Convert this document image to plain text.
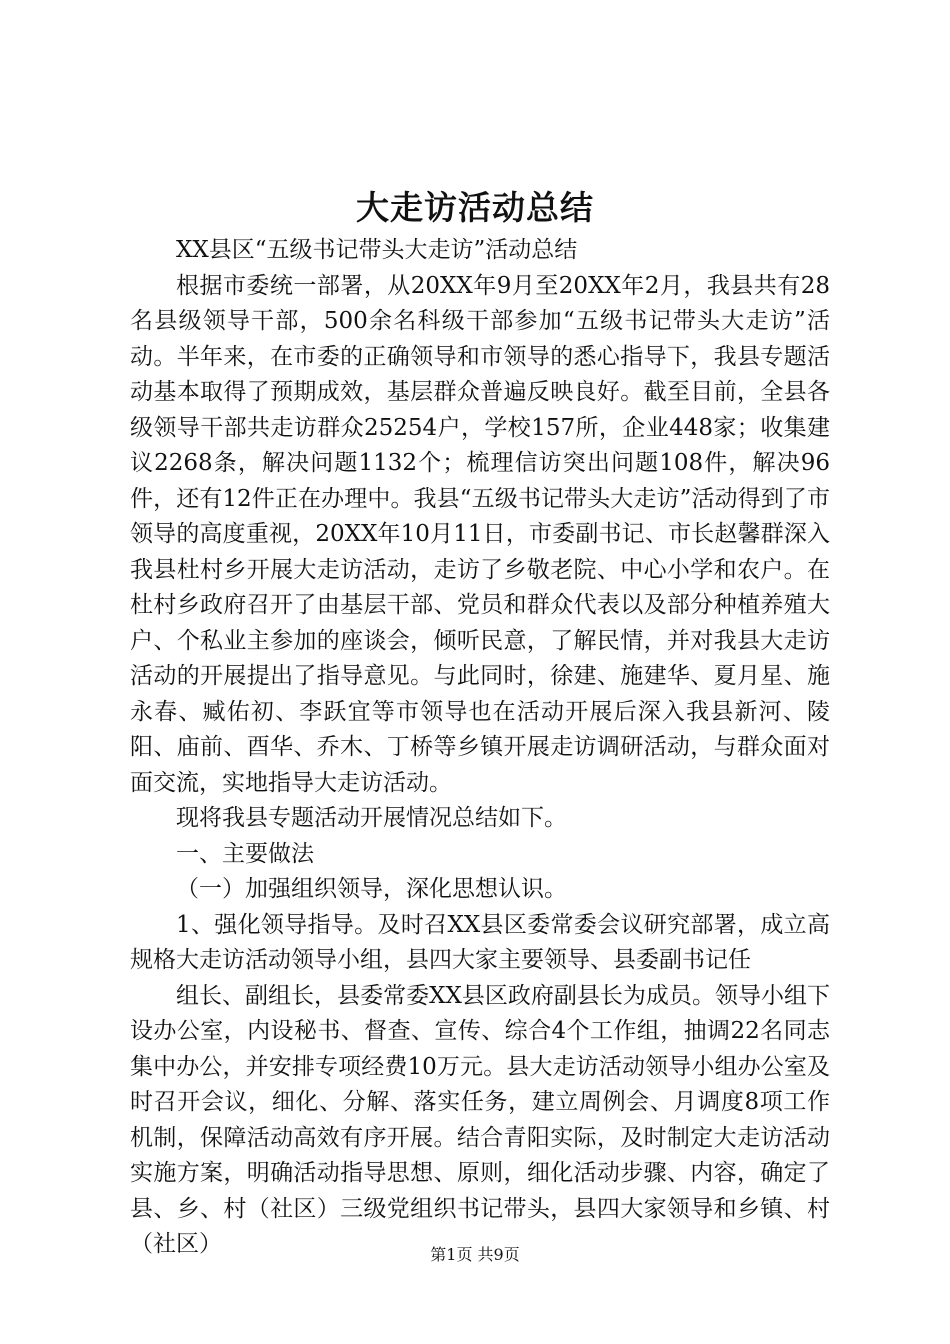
大走访活动总结

XX县区“五级书记带头大走访”活动总结

根据市委统一部署，从20XX年9月至20XX年2月，我县共有28名县级领导干部，500余名科级干部参加“五级书记带头大走访”活动。半年来，在市委的正确领导和市领导的悉心指导下，我县专题活动基本取得了预期成效，基层群众普遍反映良好。截至目前，全县各级领导干部共走访群众25254户，学校157所，企业448家；收集建议2268条，解决问题1132个；梳理信访突出问题108件，解决96件，还有12件正在办理中。我县“五级书记带头大走访”活动得到了市领导的高度重视，20XX年10月11日，市委副书记、市长赵馨群深入我县杜村乡开展大走访活动，走访了乡敬老院、中心小学和农户。在杜村乡政府召开了由基层干部、党员和群众代表以及部分种植养殖大户、个私业主参加的座谈会，倾听民意，了解民情，并对我县大走访活动的开展提出了指导意见。与此同时，徐建、施建华、夏月星、施永春、臧佑初、李跃宜等市领导也在活动开展后深入我县新河、陵阳、庙前、酉华、乔木、丁桥等乡镇开展走访调研活动，与群众面对面交流，实地指导大走访活动。

现将我县专题活动开展情况总结如下。

一、主要做法

（一）加强组织领导，深化思想认识。

1、强化领导指导。及时召XX县区委常委会议研究部署，成立高规格大走访活动领导小组，县四大家主要领导、县委副书记任

组长、副组长，县委常委XX县区政府副县长为成员。领导小组下设办公室，内设秘书、督查、宣传、综合4个工作组，抽调22名同志集中办公，并安排专项经费10万元。县大走访活动领导小组办公室及时召开会议，细化、分解、落实任务，建立周例会、月调度8项工作机制，保障活动高效有序开展。结合青阳实际，及时制定大走访活动实施方案，明确活动指导思想、原则，细化活动步骤、内容，确定了县、乡、村（社区）三级党组织书记带头，县四大家领导和乡镇、村（社区）	第1页 共9页
